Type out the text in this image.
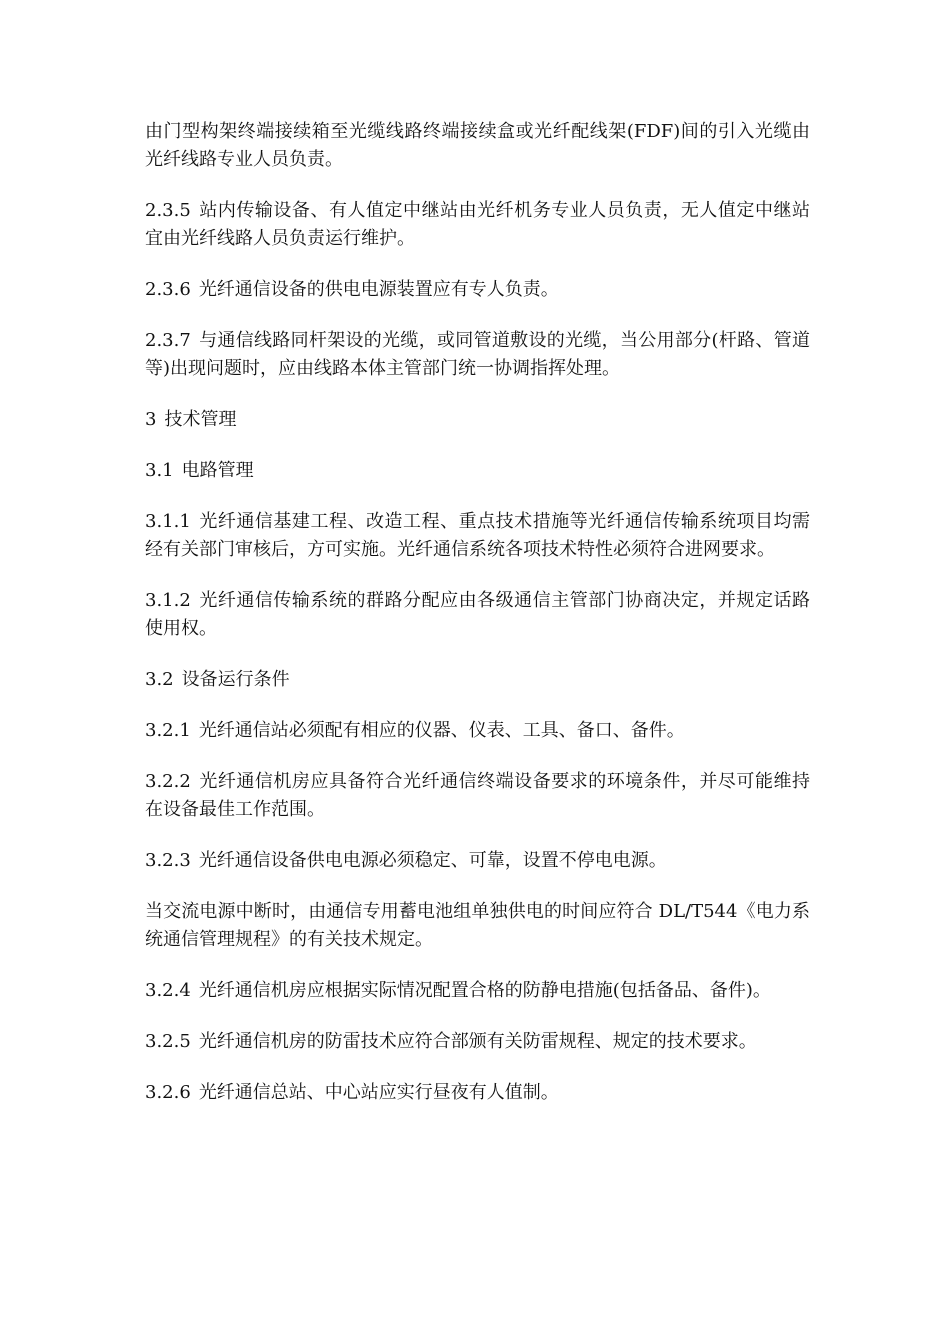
由门型构架终端接续箱至光缆线路终端接续盒或光纤配线架(FDF)间的引入光缆由光纤线路专业人员负责。

2.3.5 站内传输设备、有人值定中继站由光纤机务专业人员负责，无人值定中继站宜由光纤线路人员负责运行维护。

2.3.6 光纤通信设备的供电电源装置应有专人负责。

2.3.7 与通信线路同杆架设的光缆，或同管道敷设的光缆，当公用部分(杆路、管道等)出现问题时，应由线路本体主管部门统一协调指挥处理。

3 技术管理

3.1 电路管理

3.1.1 光纤通信基建工程、改造工程、重点技术措施等光纤通信传输系统项目均需经有关部门审核后，方可实施。光纤通信系统各项技术特性必须符合进网要求。

3.1.2 光纤通信传输系统的群路分配应由各级通信主管部门协商决定，并规定话路使用权。

3.2 设备运行条件

3.2.1 光纤通信站必须配有相应的仪器、仪表、工具、备口、备件。

3.2.2 光纤通信机房应具备符合光纤通信终端设备要求的环境条件，并尽可能维持在设备最佳工作范围。

3.2.3 光纤通信设备供电电源必须稳定、可靠，设置不停电电源。

当交流电源中断时，由通信专用蓄电池组单独供电的时间应符合 DL/T544《电力系统通信管理规程》的有关技术规定。

3.2.4 光纤通信机房应根据实际情况配置合格的防静电措施(包括备品、备件)。

3.2.5 光纤通信机房的防雷技术应符合部颁有关防雷规程、规定的技术要求。

3.2.6 光纤通信总站、中心站应实行昼夜有人值制。
